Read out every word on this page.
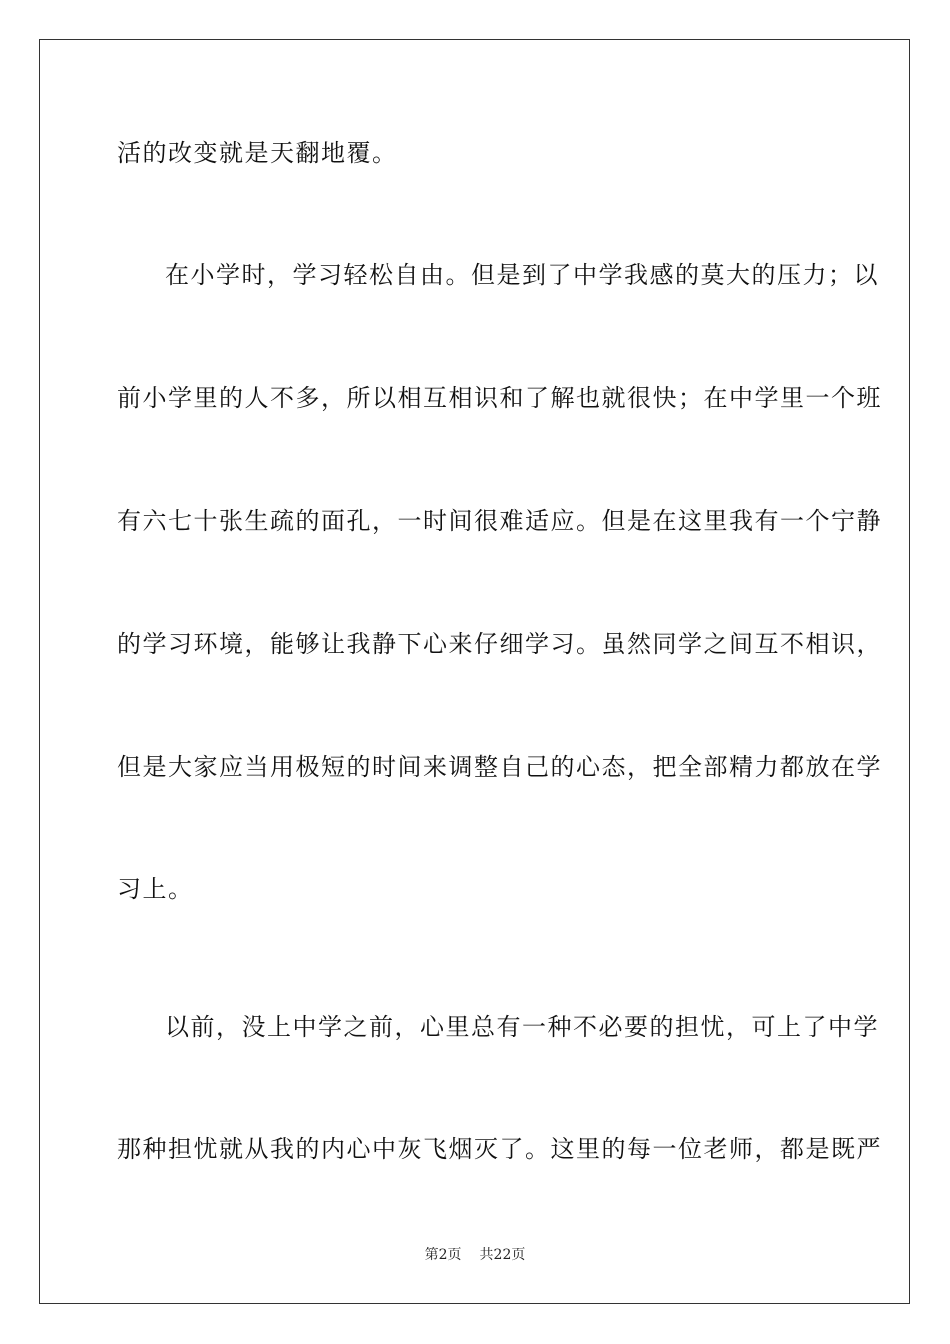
活的改变就是天翻地覆。
在小学时，学习轻松自由。但是到了中学我感的莫大的压力；以
前小学里的人不多，所以相互相识和了解也就很快；在中学里一个班
有六七十张生疏的面孔，一时间很难适应。但是在这里我有一个宁静
的学习环境，能够让我静下心来仔细学习。虽然同学之间互不相识，
但是大家应当用极短的时间来调整自己的心态，把全部精力都放在学
习上。
以前，没上中学之前，心里总有一种不必要的担忧，可上了中学
那种担忧就从我的内心中灰飞烟灭了。这里的每一位老师，都是既严
第2页 共22页
